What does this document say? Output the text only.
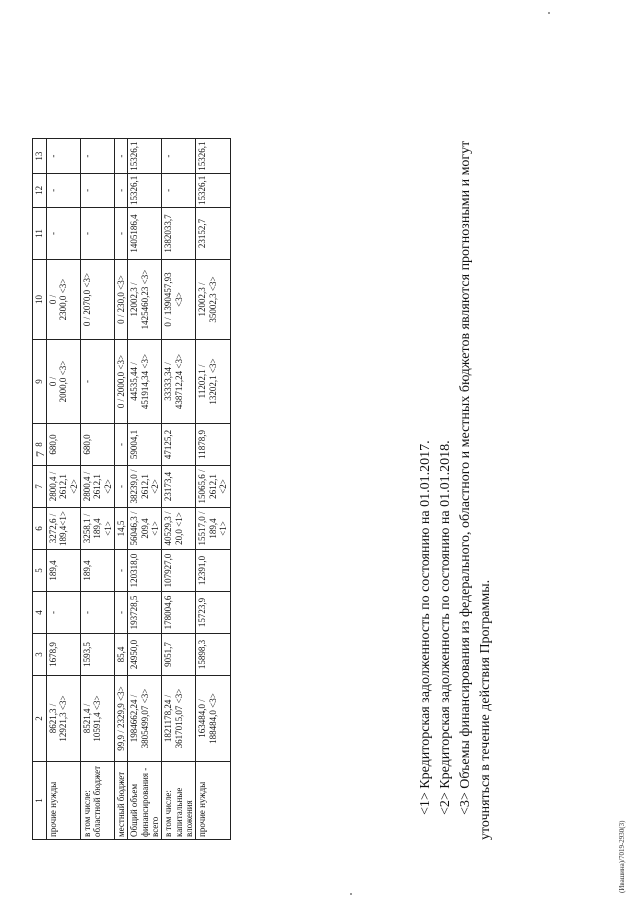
7
1	2	3	4	5	6	7	8	9	10	11	12	13
прочие нужды	8621,3 /
12921,3 <3>	1678,9	-	189,4	3272,6 /
189,4<1>	2800,4 /
2612,1
<2>	680,0	0 /
2000,0 <3>	0 /
2300,0 <3>	-	-	-
в том числе:
областной бюджет	8521,4 /
10591,4 <3>	1593,5	-	189,4	3258,1 /
189,4
<1>	2800,4 /
2612,1
<2>	680,0	-	0 / 2070,0 <3>	-	-	-
местный бюджет	99,9 / 2329,9 <3>	85,4	-	-	14,5	-	-	0 / 2000,0 <3>	0 / 230,0 <3>	-	-	-
Общий объем
финансирования - всего	1984662,24 /
3805499,07 <3>	24950,0	193728,5	120318,0	56046,3 /
209,4
<1>	38239,0 /
2612,1
<2>	59004,1	44535,44 /
451914,34 <3>	12002,3 /
1425460,23 <3>	1405186,4	15326,1	15326,1
в том числе:
капитальные вложения	1821178,24 /
3617015,07 <3>	9051,7	178004,6	107927,0	40529,3 /
20,0 <1>	23173,4	47125,2	33333,34 /
438712,24 <3>	0 / 1390457,93
<3>	1382033,7	-	-
прочие нужды	163484,0 /
188484,0 <3>	15898,3	15723,9	12391,0	15517,0 /
189,4
<1>	15065,6 /
2612,1
<2>	11878,9	11202,1 /
13202,1 <3>	12002,3 /
35002,3 <3>	23152,7	15326,1	15326,1
<1> Кредиторская задолженность по состоянию на 01.01.2017. <2> Кредиторская задолженность по состоянию на 01.01.2018. <3> Объемы финансирования из федерального, областного и местных бюджетов являются прогнозными и могут уточняться в течение действия Программы.
(Ивашина)/7019-2930(3)
